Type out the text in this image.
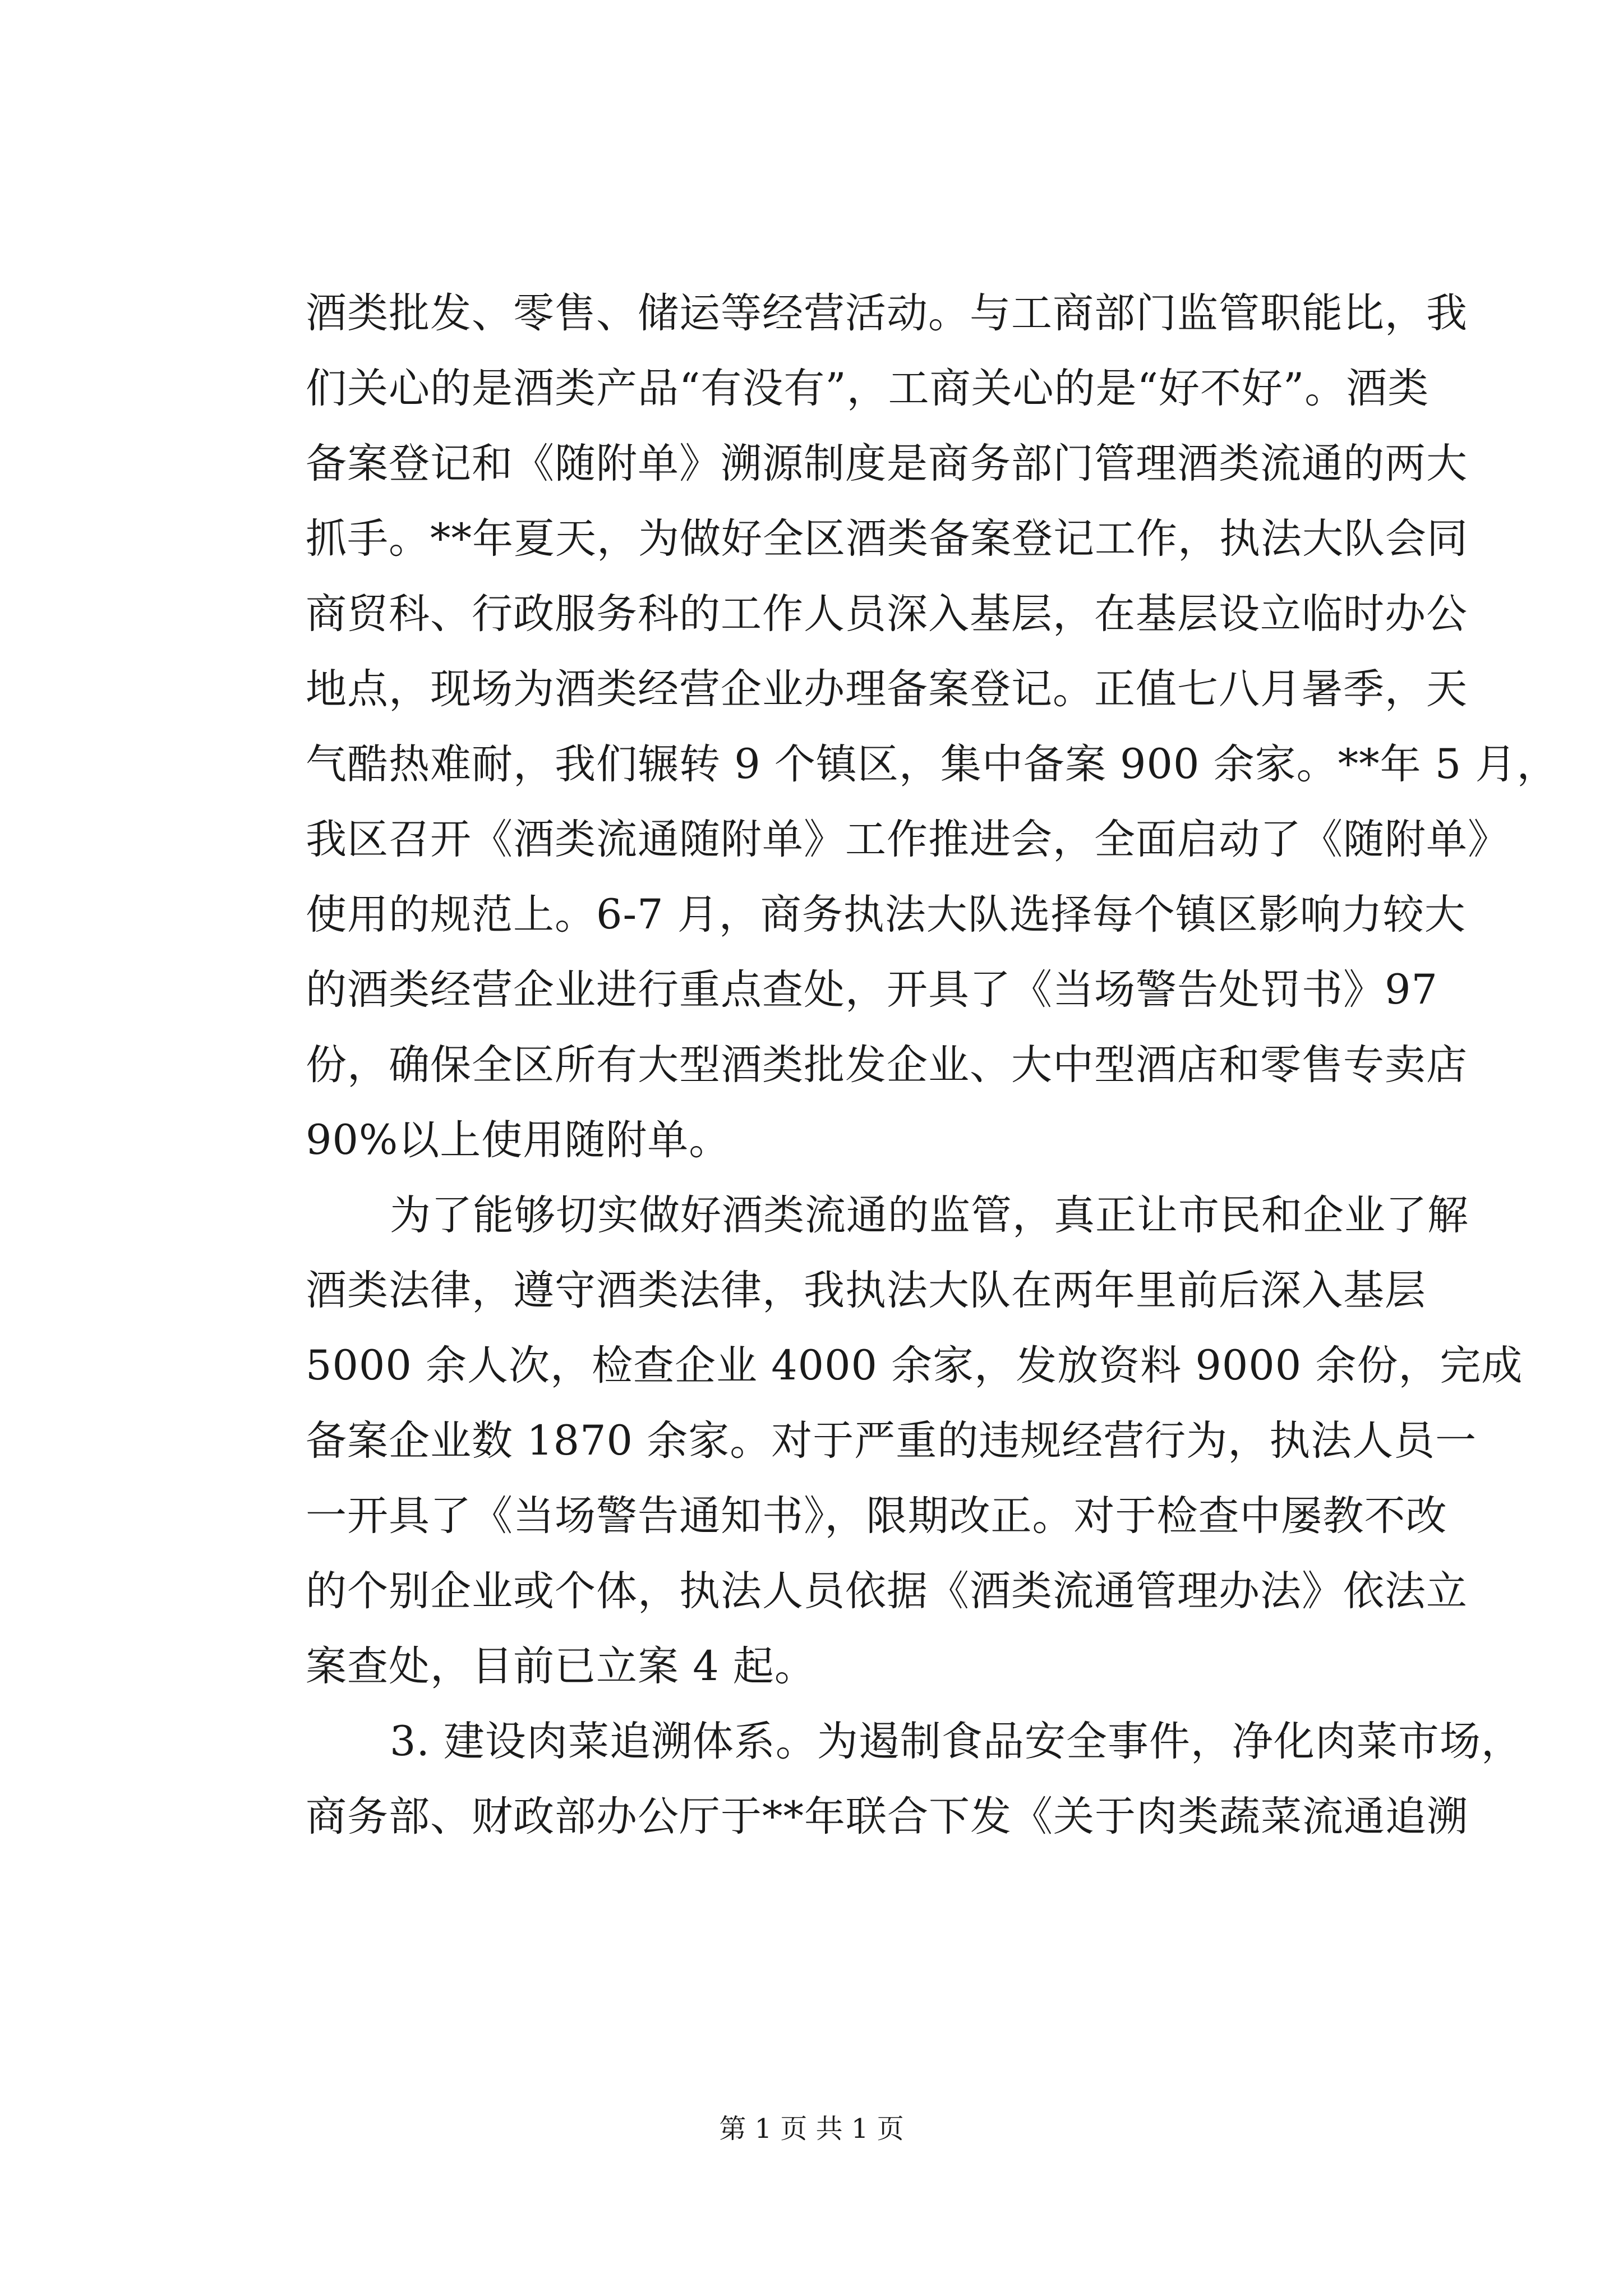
酒类批发、零售、储运等经营活动。与工商部门监管职能比，我
们关心的是酒类产品“有没有”，工商关心的是“好不好”。酒类
备案登记和《随附单》溯源制度是商务部门管理酒类流通的两大
抓手。**年夏天，为做好全区酒类备案登记工作，执法大队会同
商贸科、行政服务科的工作人员深入基层，在基层设立临时办公
地点，现场为酒类经营企业办理备案登记。正值七八月暑季，天
气酷热难耐，我们辗转 9 个镇区，集中备案 900 余家。**年 5 月，
我区召开《酒类流通随附单》工作推进会，全面启动了《随附单》
使用的规范上。6-7 月，商务执法大队选择每个镇区影响力较大
的酒类经营企业进行重点查处，开具了《当场警告处罚书》97
份，确保全区所有大型酒类批发企业、大中型酒店和零售专卖店
90%以上使用随附单。
为了能够切实做好酒类流通的监管，真正让市民和企业了解
酒类法律，遵守酒类法律，我执法大队在两年里前后深入基层
5000 余人次，检查企业 4000 余家，发放资料 9000 余份，完成
备案企业数 1870 余家。对于严重的违规经营行为，执法人员一
一开具了《当场警告通知书》，限期改正。对于检查中屡教不改
的个别企业或个体，执法人员依据《酒类流通管理办法》依法立
案查处，目前已立案 4 起。
3. 建设肉菜追溯体系。为遏制食品安全事件，净化肉菜市场，
商务部、财政部办公厅于**年联合下发《关于肉类蔬菜流通追溯
第 1 页 共 1 页
